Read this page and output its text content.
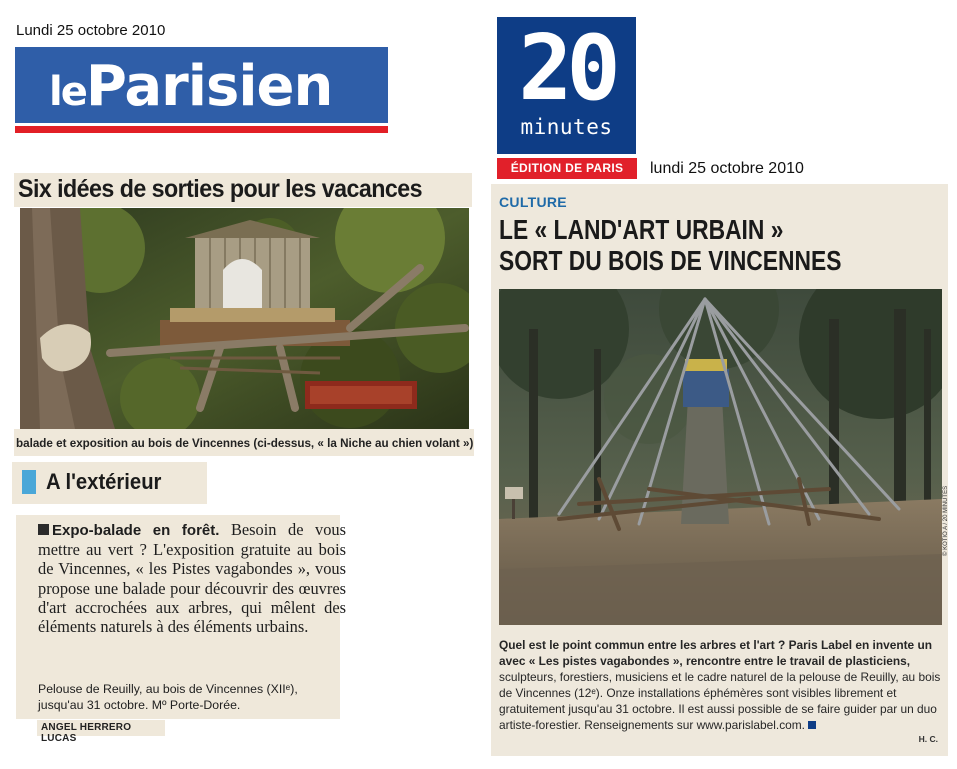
Lundi 25 octobre 2010
leParisien
Six idées de sorties pour les vacances
balade et exposition au bois de Vincennes (ci-dessus, « la Niche au chien volant »)
A l'extérieur
Expo-balade en forêt. Besoin de vous mettre au vert ? L'exposition gratuite au bois de Vincennes, « les Pistes vagabondes », vous propose une balade pour découvrir des œuvres d'art accrochées aux arbres, qui mêlent des éléments naturels à des éléments urbains.
Pelouse de Reuilly, au bois de Vincennes (XIIᵉ),
jusqu'au 31 octobre. Mº Porte-Dorée.
ANGEL HERRERO LUCAS
20
minutes
ÉDITION DE PARIS	lundi 25 octobre 2010
CULTURE
LE « LAND'ART URBAIN »
SORT DU BOIS DE VINCENNES
© KOTIO A / 20 MINUTES
Quel est le point commun entre les arbres et l'art ? Paris Label en invente un avec « Les pistes vagabondes », rencontre entre le travail de plasticiens, sculpteurs, forestiers, musiciens et le cadre naturel de la pelouse de Reuilly, au bois de Vincennes (12ᵉ). Onze installations éphémères sont visibles librement et gratuitement jusqu'au 31 octobre. Il est aussi possible de se faire guider par un duo artiste-forestier. Renseignements sur www.parislabel.com.
H. C.
